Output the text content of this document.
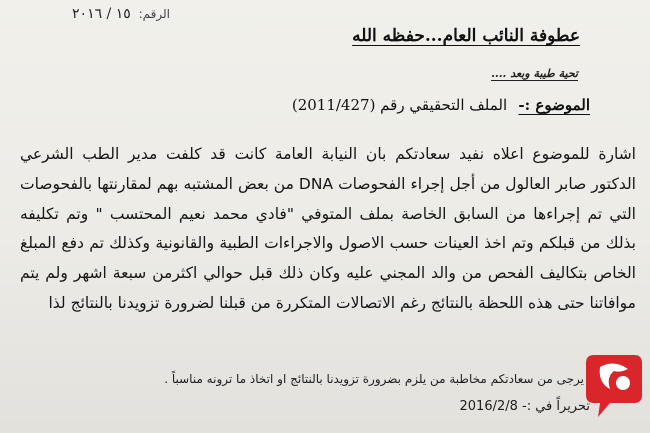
الرقم: ١٥ / ٢٠١٦
عطوفة النائب العام...حفظه الله
تحية طيبة وبعد ....
الموضوع :- الملف التحقيقي رقم (2011/427)
اشارة للموضوع اعلاه نفيد سعادتكم بان النيابة العامة كانت قد كلفت مدير الطب الشرعي الدكتور صابر العالول من أجل إجراء الفحوصات DNA من بعض المشتبه بهم لمقارنتها بالفحوصات التي تم إجراءها من السابق الخاصة بملف المتوفي "فادي محمد نعيم المحتسب " وتم تكليفه بذلك من قبلكم وتم اخذ العينات حسب الاصول والاجراءات الطبية والقانونية وكذلك تم دفع المبلغ الخاص بتكاليف الفحص من والد المجني عليه وكان ذلك قبل حوالي اكثرمن سبعة اشهر ولم يتم موافاتنا حتى هذه اللحظة بالنتائج رغم الاتصالات المتكررة من قبلنا لضرورة تزويدنا بالنتائج لذا
يرجى من سعادتكم مخاطبة من يلزم بضرورة تزويدنا بالنتائج او اتخاذ ما ترونه مناسباً .
تحريراً في :- 2016/2/8
